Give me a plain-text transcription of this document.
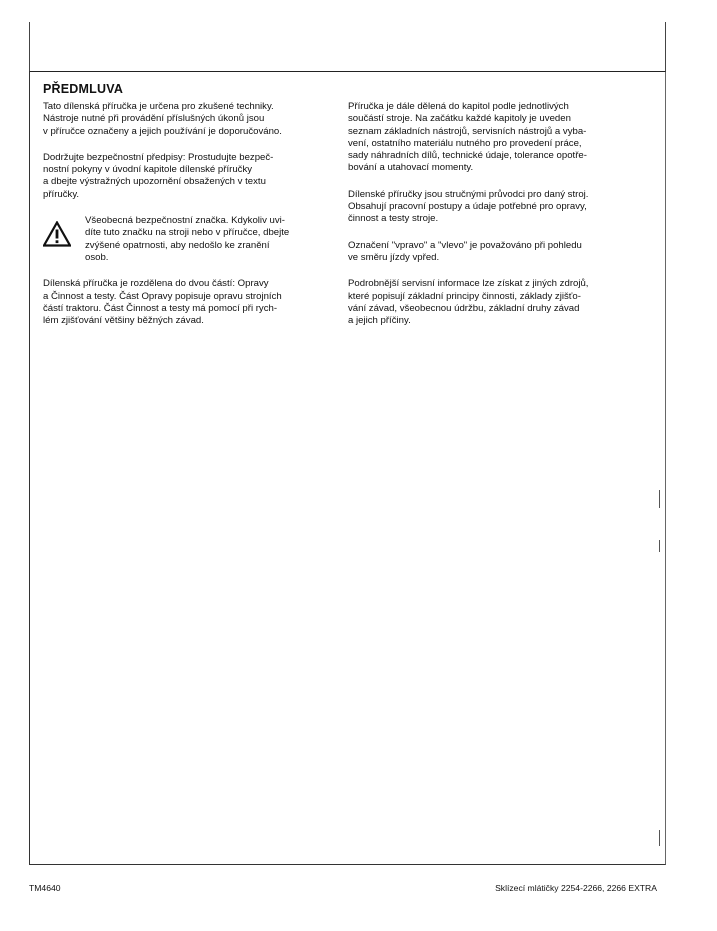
PŘEDMLUVA

Tato dílenská příručka je určena pro zkušené techniky.
Nástroje nutné při provádění příslušných úkonů jsou
v příručce označeny a jejich používání je doporučováno.

Dodržujte bezpečnostní předpisy: Prostudujte bezpeč-
nostní pokyny v úvodní kapitole dílenské příručky
a dbejte výstražných upozornění obsažených v textu
příručky.

Všeobecná bezpečnostní značka. Kdykoliv uvi-
díte tuto značku na stroji nebo v příručce, dbejte
zvýšené opatrnosti, aby nedošlo ke zranění
osob.

Dílenská příručka je rozdělena do dvou částí: Opravy
a Činnost a testy. Část Opravy popisuje opravu strojních
částí traktoru. Část Činnost a testy má pomocí při rych-
lém zjišťování většiny běžných závad.

Příručka je dále dělená do kapitol podle jednotlivých
součástí stroje. Na začátku každé kapitoly je uveden
seznam základních nástrojů, servisních nástrojů a vyba-
vení, ostatního materiálu nutného pro provedení práce,
sady náhradních dílů, technické údaje, tolerance opotře-
bování a utahovací momenty.

Dílenské příručky jsou stručnými průvodci pro daný stroj.
Obsahují pracovní postupy a údaje potřebné pro opravy,
činnost a testy stroje.

Označení "vpravo" a "vlevo" je považováno při pohledu
ve směru jízdy vpřed.

Podrobnější servisní informace lze získat z jiných zdrojů,
které popisují základní principy činnosti, základy zjišťo-
vání závad, všeobecnou údržbu, základní druhy závad
a jejich příčiny.

TM4640	Sklízecí mlátičky 2254-2266, 2266 EXTRA
